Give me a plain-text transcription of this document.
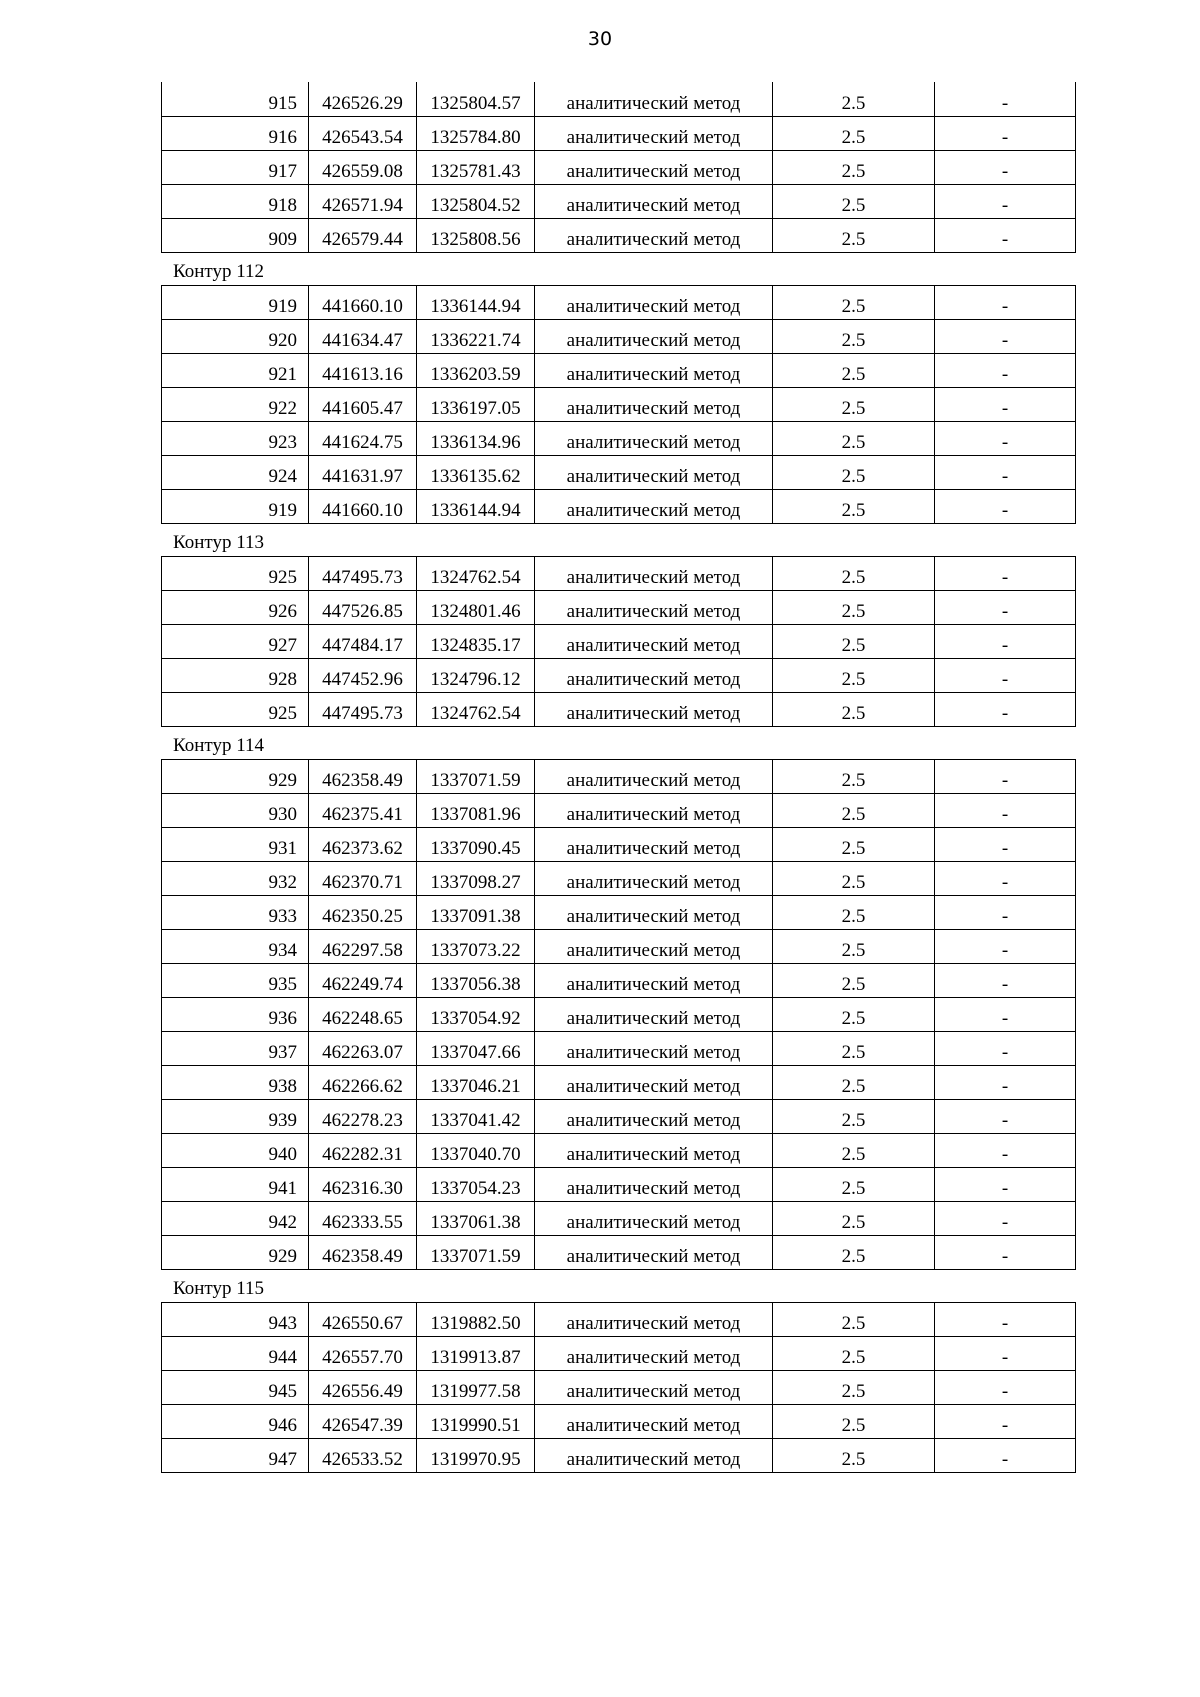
30
915	426526.29	1325804.57	аналитический метод	2.5	-
916	426543.54	1325784.80	аналитический метод	2.5	-
917	426559.08	1325781.43	аналитический метод	2.5	-
918	426571.94	1325804.52	аналитический метод	2.5	-
909	426579.44	1325808.56	аналитический метод	2.5	-
Контур 112
919	441660.10	1336144.94	аналитический метод	2.5	-
920	441634.47	1336221.74	аналитический метод	2.5	-
921	441613.16	1336203.59	аналитический метод	2.5	-
922	441605.47	1336197.05	аналитический метод	2.5	-
923	441624.75	1336134.96	аналитический метод	2.5	-
924	441631.97	1336135.62	аналитический метод	2.5	-
919	441660.10	1336144.94	аналитический метод	2.5	-
Контур 113
925	447495.73	1324762.54	аналитический метод	2.5	-
926	447526.85	1324801.46	аналитический метод	2.5	-
927	447484.17	1324835.17	аналитический метод	2.5	-
928	447452.96	1324796.12	аналитический метод	2.5	-
925	447495.73	1324762.54	аналитический метод	2.5	-
Контур 114
929	462358.49	1337071.59	аналитический метод	2.5	-
930	462375.41	1337081.96	аналитический метод	2.5	-
931	462373.62	1337090.45	аналитический метод	2.5	-
932	462370.71	1337098.27	аналитический метод	2.5	-
933	462350.25	1337091.38	аналитический метод	2.5	-
934	462297.58	1337073.22	аналитический метод	2.5	-
935	462249.74	1337056.38	аналитический метод	2.5	-
936	462248.65	1337054.92	аналитический метод	2.5	-
937	462263.07	1337047.66	аналитический метод	2.5	-
938	462266.62	1337046.21	аналитический метод	2.5	-
939	462278.23	1337041.42	аналитический метод	2.5	-
940	462282.31	1337040.70	аналитический метод	2.5	-
941	462316.30	1337054.23	аналитический метод	2.5	-
942	462333.55	1337061.38	аналитический метод	2.5	-
929	462358.49	1337071.59	аналитический метод	2.5	-
Контур 115
943	426550.67	1319882.50	аналитический метод	2.5	-
944	426557.70	1319913.87	аналитический метод	2.5	-
945	426556.49	1319977.58	аналитический метод	2.5	-
946	426547.39	1319990.51	аналитический метод	2.5	-
947	426533.52	1319970.95	аналитический метод	2.5	-
